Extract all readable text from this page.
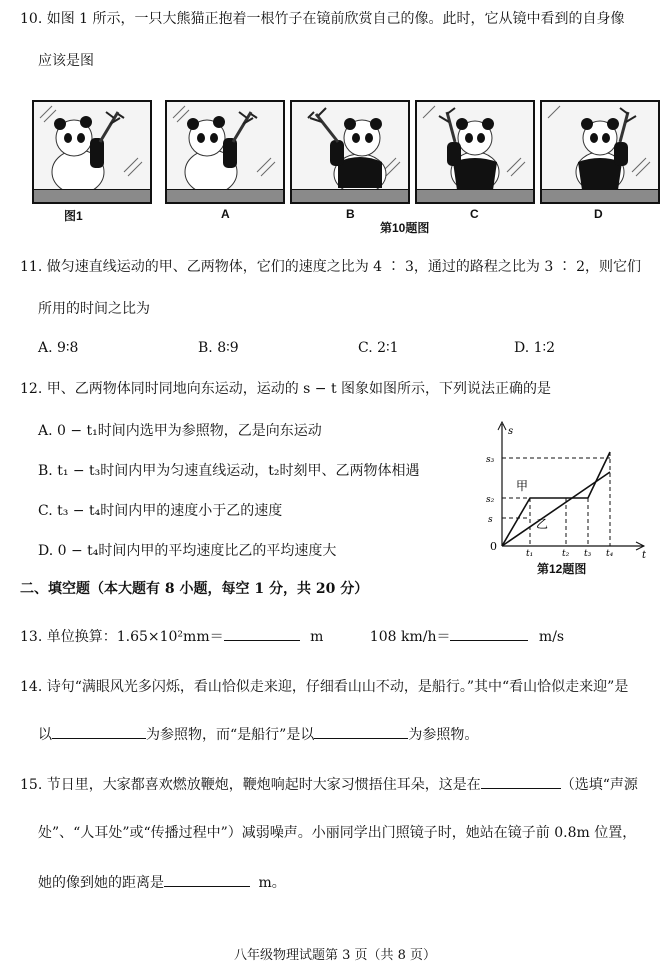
10. 如图 1 所示，一只大熊猫正抱着一根竹子在镜前欣赏自己的像。此时，它从镜中看到的自身像
应该是图
图1	A	B
第10题图
C	D
11. 做匀速直线运动的甲、乙两物体，它们的速度之比为 4 ∶ 3，通过的路程之比为 3 ∶ 2，则它们
所用的时间之比为
A. 9∶8	B. 8∶9	C. 2∶1	D. 1∶2
12. 甲、乙两物体同时同地向东运动，运动的 s − t 图象如图所示，下列说法正确的是
A. 0 − t₁时间内选甲为参照物，乙是向东运动
B. t₁ − t₃时间内甲为匀速直线运动，t₂时刻甲、乙两物体相遇
C. t₃ − t₄时间内甲的速度小于乙的速度
D. 0 − t₄时间内甲的平均速度比乙的平均速度大
s
t
0
s₃
s₂
s
t₁	t₂ t₃ t₄
甲
乙
第12题图
二、填空题（本大题有 8 小题，每空 1 分，共 20 分）
13. 单位换算：1.65×10²mm＝	m	108 km/h＝	m/s
14. 诗句“满眼风光多闪烁，看山恰似走来迎，仔细看山山不动，是船行。”其中“看山恰似走来迎”是
以	为参照物，而“是船行”是以	为参照物。
15. 节日里，大家都喜欢燃放鞭炮，鞭炮响起时大家习惯捂住耳朵，这是在	（选填“声源
处”、“人耳处”或“传播过程中”）减弱噪声。小丽同学出门照镜子时，她站在镜子前 0.8m 位置，
她的像到她的距离是	m。
八年级物理试题第 3 页（共 8 页）
